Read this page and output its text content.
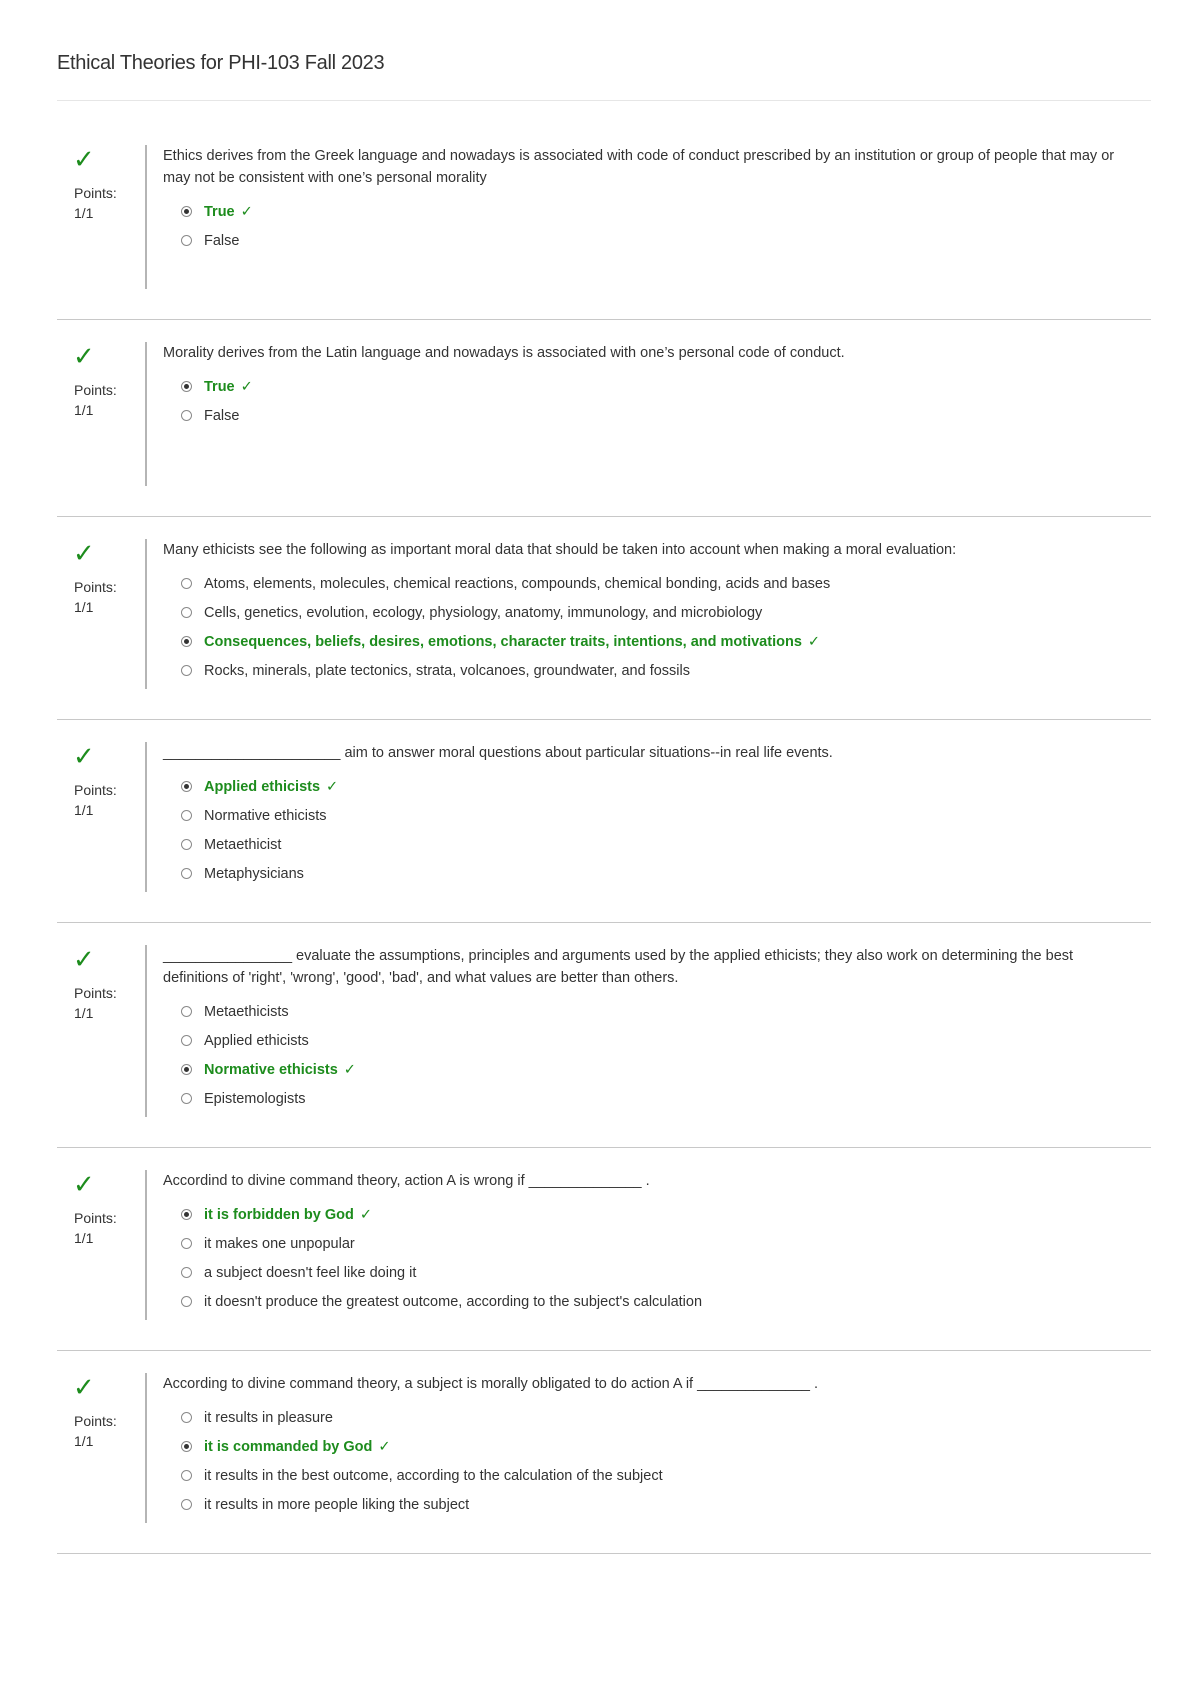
Ethical Theories for PHI-103 Fall 2023
✓
Points:
1/1
Ethics derives from the Greek language and nowadays is associated with code of conduct prescribed by an institution or group of people that may or may not be consistent with one’s personal morality
True ✓
False
✓
Points:
1/1
Morality derives from the Latin language and nowadays is associated with one’s personal code of conduct.
True ✓
False
✓
Points:
1/1
Many ethicists see the following as important moral data that should be taken into account when making a moral evaluation:
Atoms, elements, molecules, chemical reactions, compounds, chemical bonding, acids and bases
Cells, genetics, evolution, ecology, physiology, anatomy, immunology, and microbiology
Consequences, beliefs, desires, emotions, character traits, intentions, and motivations ✓
Rocks, minerals, plate tectonics, strata, volcanoes, groundwater, and fossils
✓
Points:
1/1
______________________ aim to answer moral questions about particular situations--in real life events.
Applied ethicists ✓
Normative ethicists
Metaethicist
Metaphysicians
✓
Points:
1/1
________________ evaluate the assumptions, principles and arguments used by the applied ethicists; they also work on determining the best definitions of 'right', 'wrong', 'good', 'bad', and what values are better than others.
Metaethicists
Applied ethicists
Normative ethicists ✓
Epistemologists
✓
Points:
1/1
Accordind to divine command theory, action A is wrong if ______________ .
it is forbidden by God ✓
it makes one unpopular
a subject doesn't feel like doing it
it doesn't produce the greatest outcome, according to the subject's calculation
✓
Points:
1/1
According to divine command theory, a subject is morally obligated to do action A if ______________ .
it results in pleasure
it is commanded by God ✓
it results in the best outcome, according to the calculation of the subject
it results in more people liking the subject
